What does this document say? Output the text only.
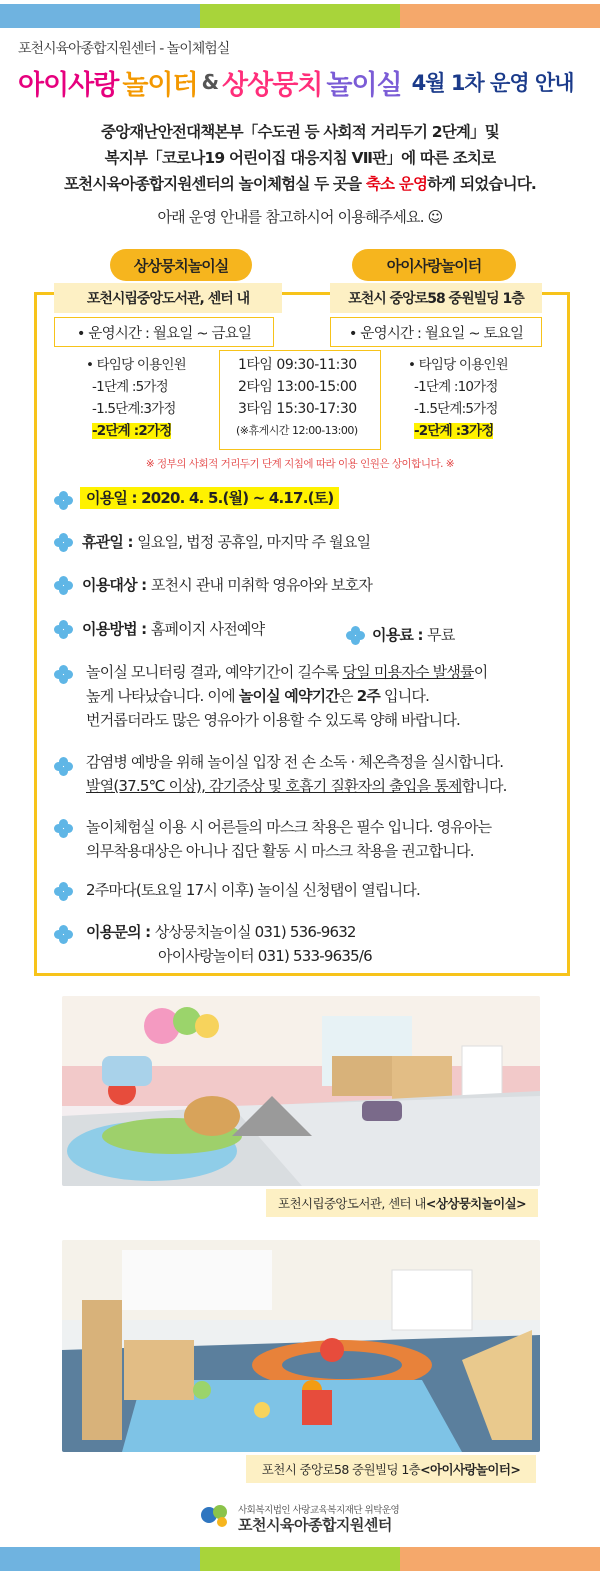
포천시육아종합지원센터 - 놀이체험실
아이사랑 놀이터 & 상상뭉치 놀이실 4월 1차 운영 안내
중앙재난안전대책본부「수도권 등 사회적 거리두기 2단계」및
복지부「코로나19 어린이집 대응지침 Ⅶ판」에 따른 조치로
포천시육아종합지원센터의 놀이체험실 두 곳을 축소 운영하게 되었습니다.
아래 운영 안내를 참고하시어 이용해주세요. ☺
상상뭉치놀이실	아이사랑놀이터
포천시립중앙도서관, 센터 내	포천시 중앙로58 중원빌딩 1층
• 운영시간 : 월요일 ~ 금요일	• 운영시간 : 월요일 ~ 토요일
• 타임당 이용인원
-1단계 :5가정
-1.5단계:3가정
-2단계 :2가정
1타임 09:30-11:30
2타임 13:00-15:00
3타임 15:30-17:30
(※휴게시간 12:00-13:00)
• 타임당 이용인원
-1단계 :10가정
-1.5단계:5가정
-2단계 :3가정
※ 정부의 사회적 거리두기 단계 지침에 따라 이용 인원은 상이합니다. ※
이용일 : 2020. 4. 5.(월) ~ 4.17.(토)
휴관일 : 일요일, 법정 공휴일, 마지막 주 월요일
이용대상 : 포천시 관내 미취학 영유아와 보호자
이용방법 : 홈페이지 사전예약	이용료 : 무료
놀이실 모니터링 결과, 예약기간이 길수록 당일 미용자수 발생률이
높게 나타났습니다. 이에 놀이실 예약기간은 2주 입니다.
번거롭더라도 많은 영유아가 이용할 수 있도록 양해 바랍니다.
감염병 예방을 위해 놀이실 입장 전 손 소독 · 체온측정을 실시합니다.
발열(37.5℃ 이상), 감기증상 및 호흡기 질환자의 출입을 통제합니다.
놀이체험실 이용 시 어른들의 마스크 착용은 필수 입니다. 영유아는
의무착용대상은 아니나 집단 활동 시 마스크 착용을 권고합니다.
2주마다(토요일 17시 이후) 놀이실 신청탭이 열립니다.
이용문의 : 상상뭉치놀이실 031) 536-9632
아이사랑놀이터 031) 533-9635/6
포천시립중앙도서관, 센터 내 <상상뭉치놀이실>
포천시 중앙로58 중원빌딩 1층 <아이사랑놀이터>
사회복지법인 사랑교육복지재단 위탁운영
포천시육아종합지원센터
